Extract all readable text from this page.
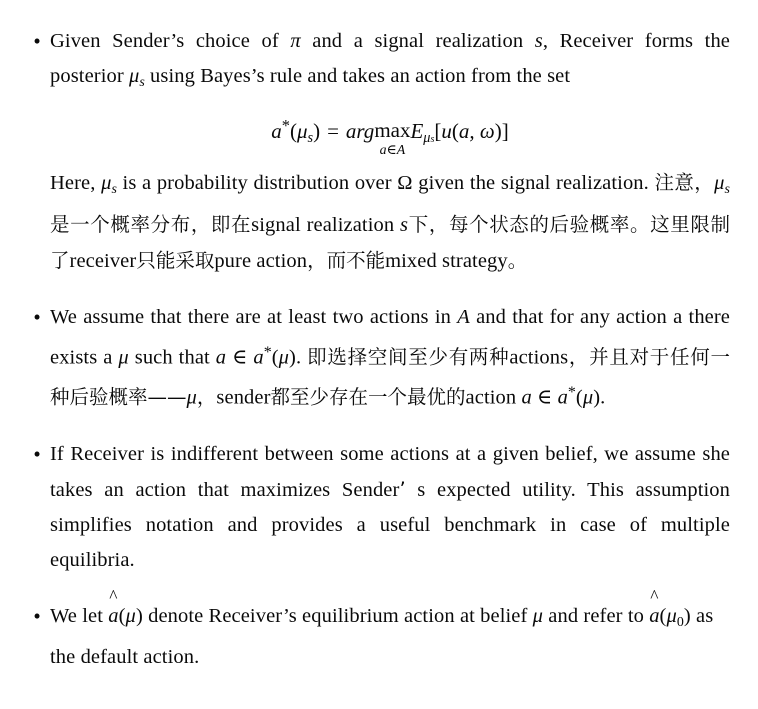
• Given Sender’s choice of π and a signal realization s, Receiver forms the posterior $\mu_s$ using Bayes’s rule and takes an action from the set

$a^*(\mu_s)$ = arg max
a∈A
$E_{\mu s}[u(a$, ω)]

Here, $\mu_s$ is a probability distribution over Ω given the signal realization. 注意，$\mu_s$是一个概率分布，即在signal realization s下，每个状态的后验概率。这里限制了receiver只能采取pure action，而不能mixed strategy。

• We assume that there are at least two actions in A and that for any action a there exists a μ such that a ∈ a*(μ). 即选择空间至少有两种actions，并且对于任何一种后验概率——μ，sender都至少存在一个最优的action a ∈ a*(μ).

• If Receiver is indifferent between some actions at a given belief, we assume she takes an action that maximizes Sender’ s expected utility. This assumption simplifies notation and provides a useful benchmark in case of multiple equilibria.

• We let
^
a(μ) denote Receiver’s equilibrium action at belief μ and refer to
^
$a(\mu_0)$ as the default action.
